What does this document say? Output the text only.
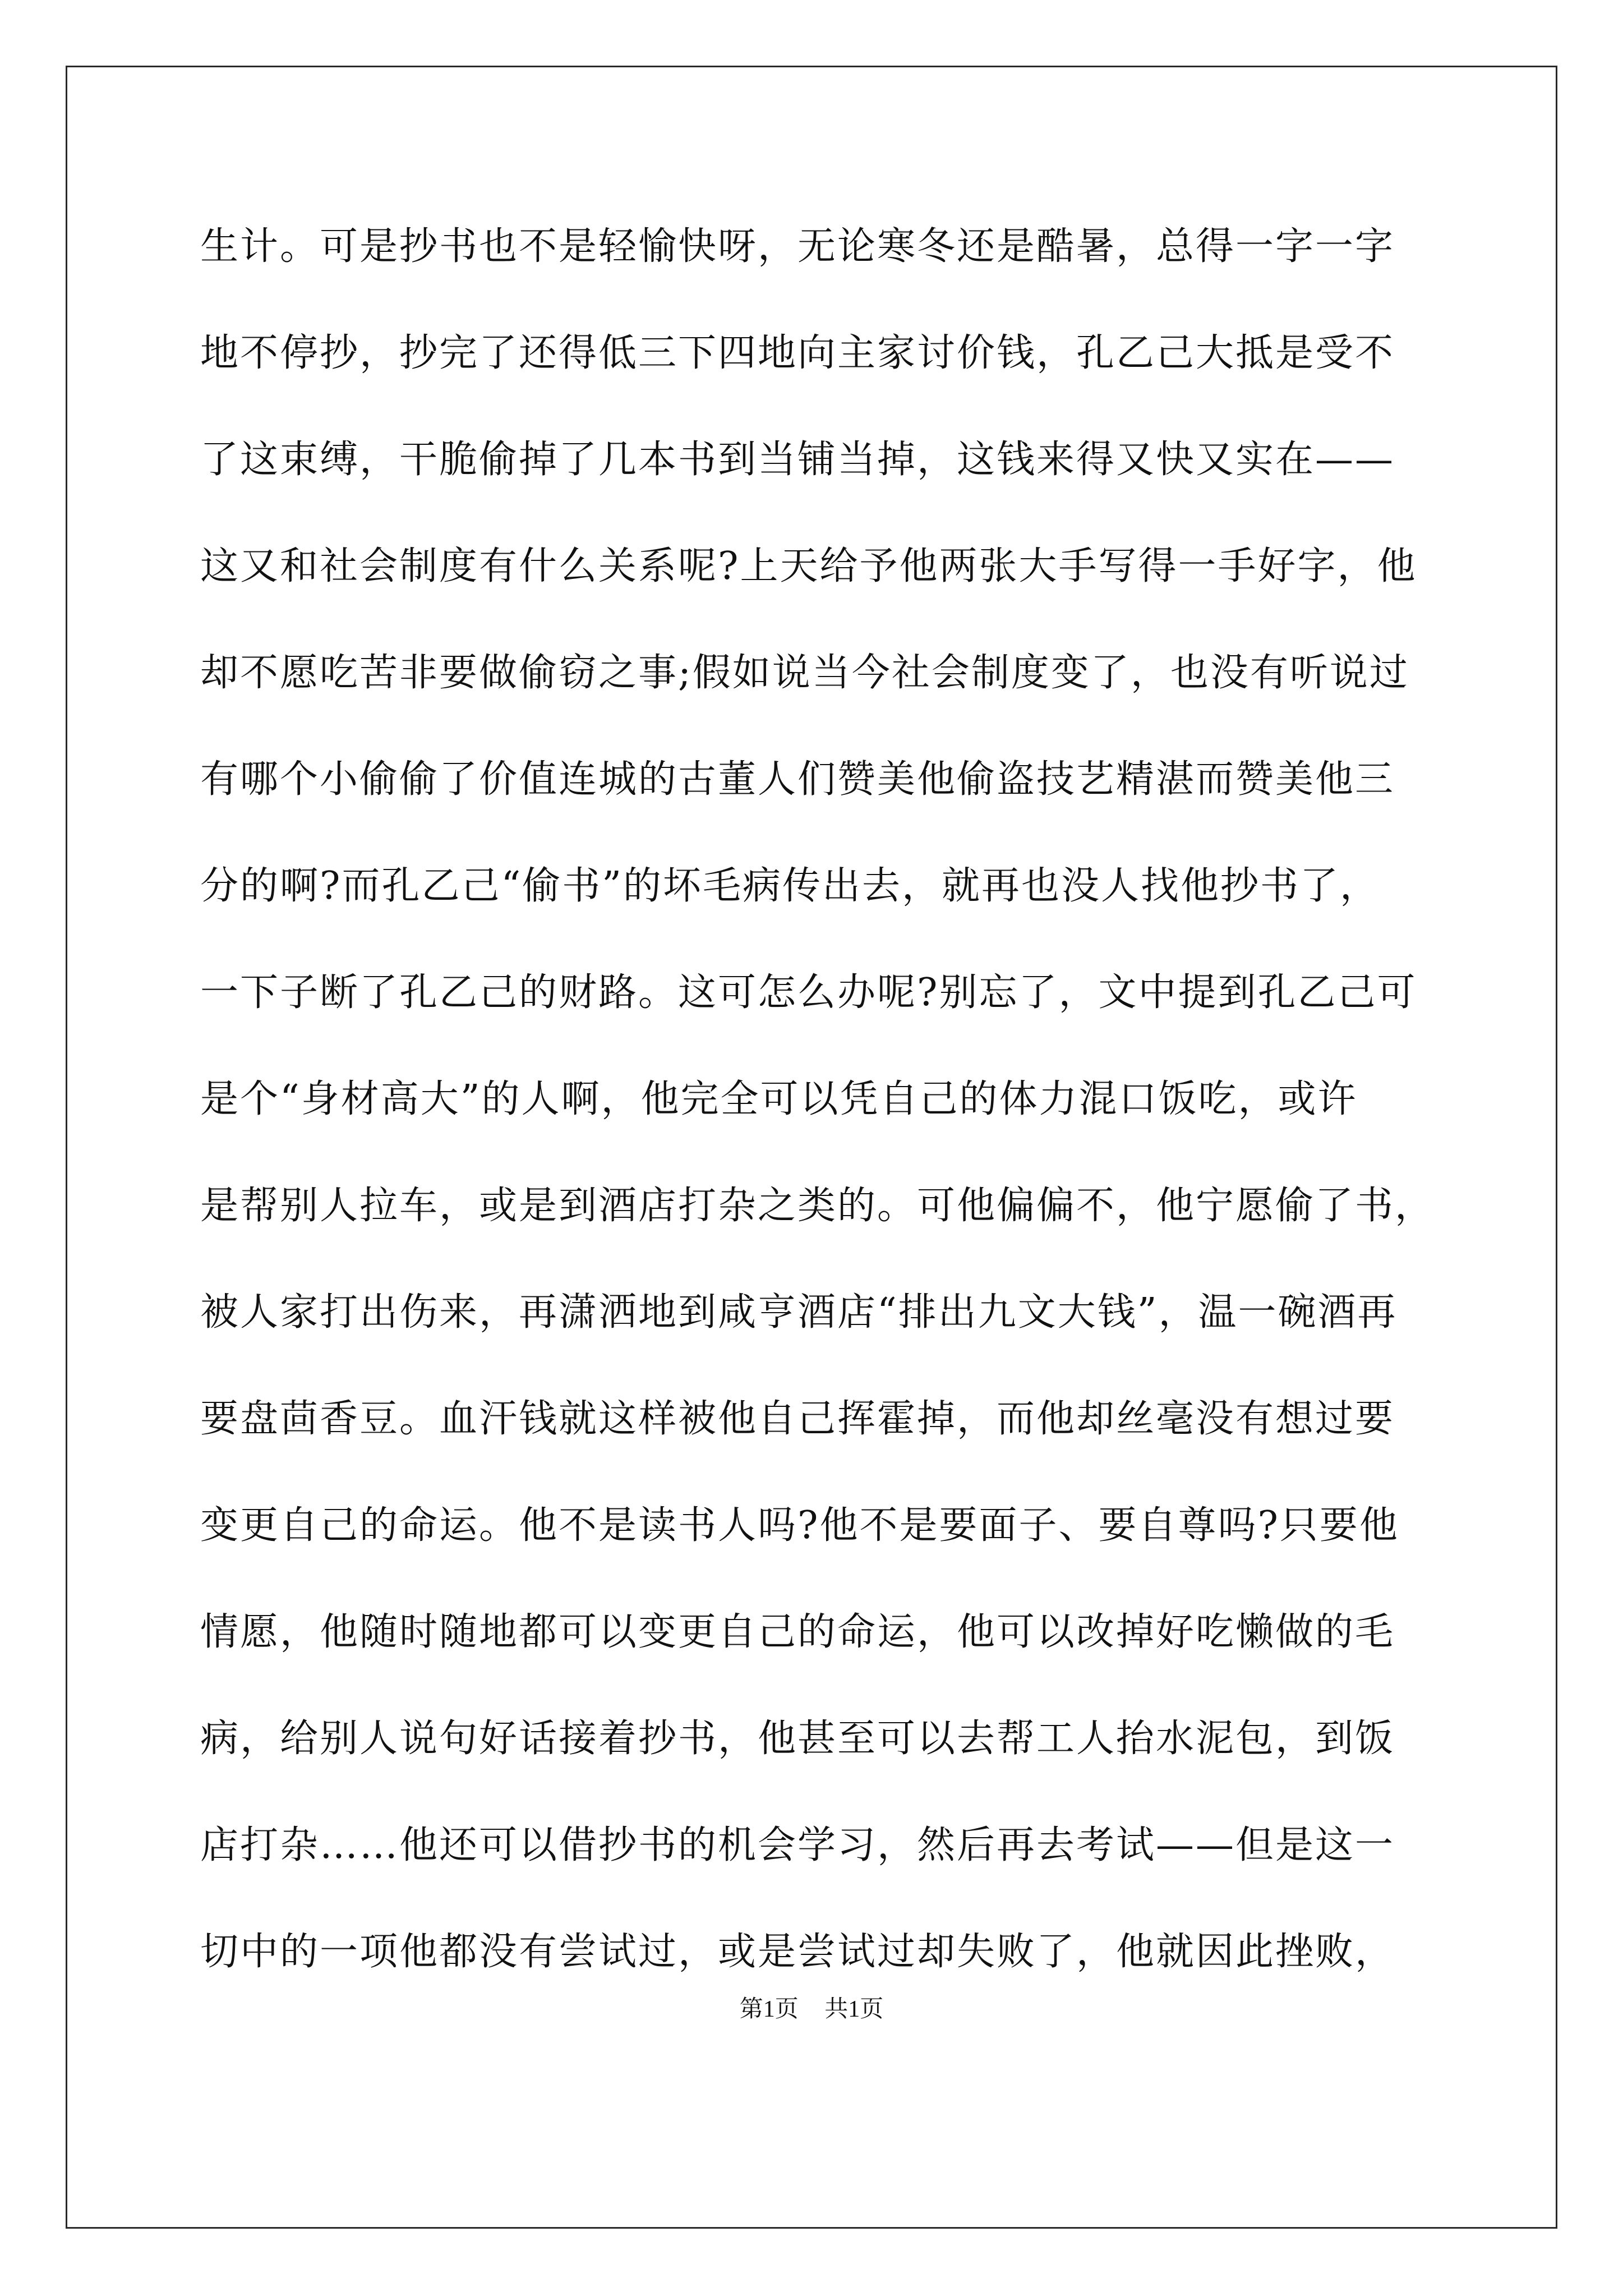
生计。可是抄书也不是轻愉快呀，无论寒冬还是酷暑，总得一字一字
地不停抄，抄完了还得低三下四地向主家讨价钱，孔乙己大抵是受不
了这束缚，干脆偷掉了几本书到当铺当掉，这钱来得又快又实在——
这又和社会制度有什么关系呢?上天给予他两张大手写得一手好字，他
却不愿吃苦非要做偷窃之事;假如说当今社会制度变了，也没有听说过
有哪个小偷偷了价值连城的古董人们赞美他偷盗技艺精湛而赞美他三
分的啊?而孔乙己“偷书”的坏毛病传出去，就再也没人找他抄书了，
一下子断了孔乙己的财路。这可怎么办呢?别忘了，文中提到孔乙己可
是个“身材高大”的人啊，他完全可以凭自己的体力混口饭吃，或许
是帮别人拉车，或是到酒店打杂之类的。可他偏偏不，他宁愿偷了书，
被人家打出伤来，再潇洒地到咸亨酒店“排出九文大钱”，温一碗酒再
要盘茴香豆。血汗钱就这样被他自己挥霍掉，而他却丝毫没有想过要
变更自己的命运。他不是读书人吗?他不是要面子、要自尊吗?只要他
情愿，他随时随地都可以变更自己的命运，他可以改掉好吃懒做的毛
病，给别人说句好话接着抄书，他甚至可以去帮工人抬水泥包，到饭
店打杂……他还可以借抄书的机会学习，然后再去考试——但是这一
切中的一项他都没有尝试过，或是尝试过却失败了，他就因此挫败，
第1页 共1页
